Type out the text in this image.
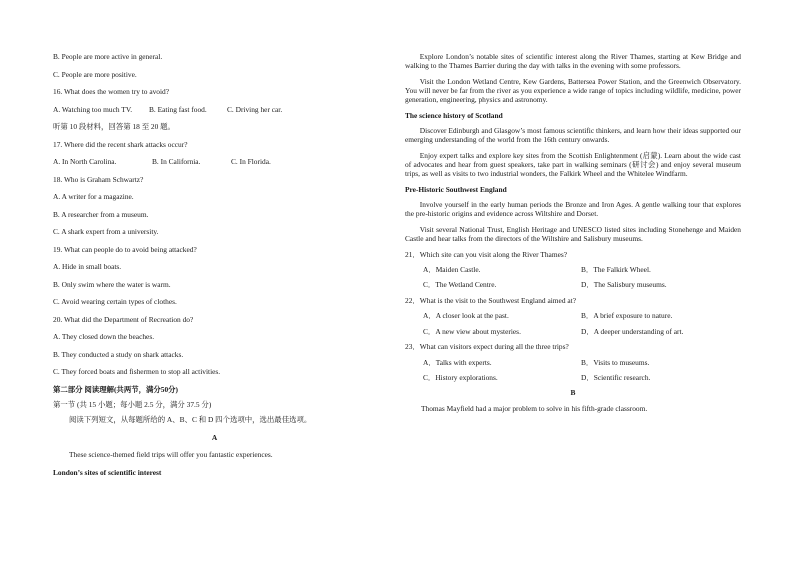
B. People are more active in general.
C. People are more positive.
16. What does the women try to avoid?
A. Watching too much TV.	B. Eating fast food.	C. Driving her car.
听第 10 段材料，回答第 18 至 20 题。
17. Where did the recent shark attacks occur?
A. In North Carolina.	B. In California.	C. In Florida.
18. Who is Graham Schwartz?
A. A writer for a magazine.
B. A researcher from a museum.
C. A shark expert from a university.
19. What can people do to avoid being attacked?
A. Hide in small boats.
B. Only swim where the water is warm.
C. Avoid wearing certain types of clothes.
20. What did the Department of Recreation do?
A. They closed down the beaches.
B. They conducted a study on shark attacks.
C. They forced boats and fishermen to stop all activities.
第二部分 阅读理解(共两节，满分50分)
第一节 (共 15 小题；每小题 2.5 分，满分 37.5 分)
阅读下列短文，从每题所给的 A、B、C 和 D 四个选项中，选出最佳选项。
A
These science-themed field trips will offer you fantastic experiences.
London’s sites of scientific interest

Explore London’s notable sites of scientific interest along the River Thames, starting at Kew Bridge and walking to the Thames Barrier during the day with talks in the evening with some professors.

Visit the London Wetland Centre, Kew Gardens, Battersea Power Station, and the Greenwich Observatory. You will never be far from the river as you experience a wide range of topics including wildlife, medicine, power generation, engineering, physics and astronomy.

The science history of Scotland

Discover Edinburgh and Glasgow’s most famous scientific thinkers, and learn how their ideas supported our emerging understanding of the world from the 16th century onwards.

Enjoy expert talks and explore key sites from the Scottish Enlightenment (启蒙). Learn about the wide cast of advocates and hear from guest speakers, take part in walking seminars (研讨会) and enjoy several museum trips, as well as visits to two industrial wonders, the Falkirk Wheel and the Whitelee Windfarm.

Pre-Historic Southwest England

Involve yourself in the early human periods the Bronze and Iron Ages. A gentle walking tour that explores the pre-historic origins and evidence across Wiltshire and Dorset.

Visit several National Trust, English Heritage and UNESCO listed sites including Stonehenge and Maiden Castle and hear talks from the directors of the Wiltshire and Salisbury museums.

21．Which site can you visit along the River Thames?
A．Maiden Castle.	B．The Falkirk Wheel.
C．The Wetland Centre.	D．The Salisbury museums.
22．What is the visit to the Southwest England aimed at?
A．A closer look at the past.	B．A brief exposure to nature.
C．A new view about mysteries.	D．A deeper understanding of art.
23．What can visitors expect during all the three trips?
A．Talks with experts.	B．Visits to museums.
C．History explorations.	D．Scientific research.
B
Thomas Mayfield had a major problem to solve in his fifth-grade classroom.
